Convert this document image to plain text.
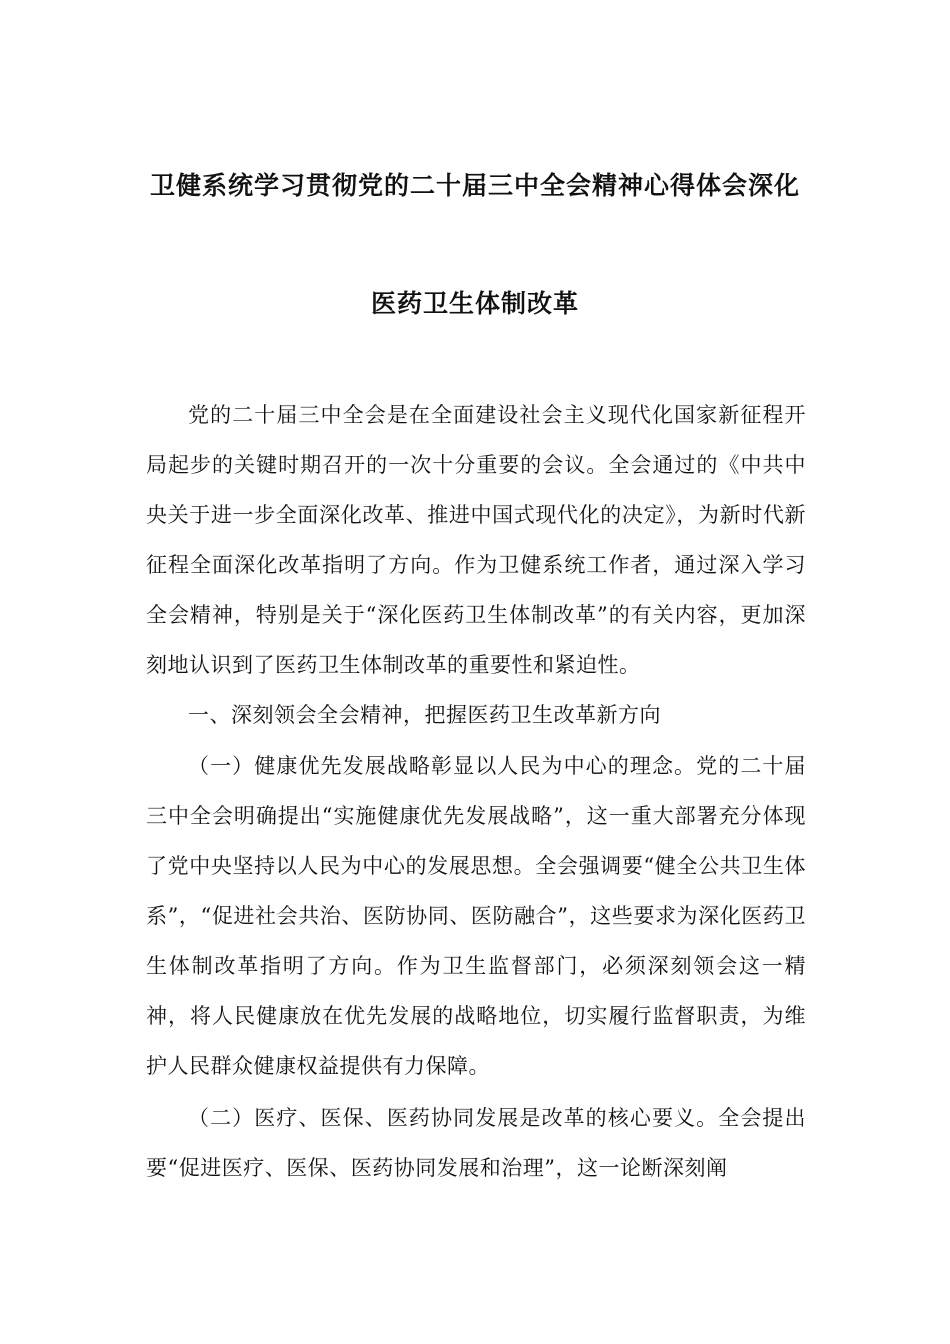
卫健系统学习贯彻党的二十届三中全会精神心得体会深化
医药卫生体制改革

党的二十届三中全会是在全面建设社会主义现代化国家新征程开局起步的关键时期召开的一次十分重要的会议。全会通过的《中共中央关于进一步全面深化改革、推进中国式现代化的决定》，为新时代新征程全面深化改革指明了方向。作为卫健系统工作者，通过深入学习全会精神，特别是关于“深化医药卫生体制改革”的有关内容，更加深刻地认识到了医药卫生体制改革的重要性和紧迫性。

一、深刻领会全会精神，把握医药卫生改革新方向

（一）健康优先发展战略彰显以人民为中心的理念。党的二十届三中全会明确提出“实施健康优先发展战略”，这一重大部署充分体现了党中央坚持以人民为中心的发展思想。全会强调要“健全公共卫生体系”，“促进社会共治、医防协同、医防融合”，这些要求为深化医药卫生体制改革指明了方向。作为卫生监督部门，必须深刻领会这一精神，将人民健康放在优先发展的战略地位，切实履行监督职责，为维护人民群众健康权益提供有力保障。

（二）医疗、医保、医药协同发展是改革的核心要义。全会提出要“促进医疗、医保、医药协同发展和治理”，这一论断深刻阐
